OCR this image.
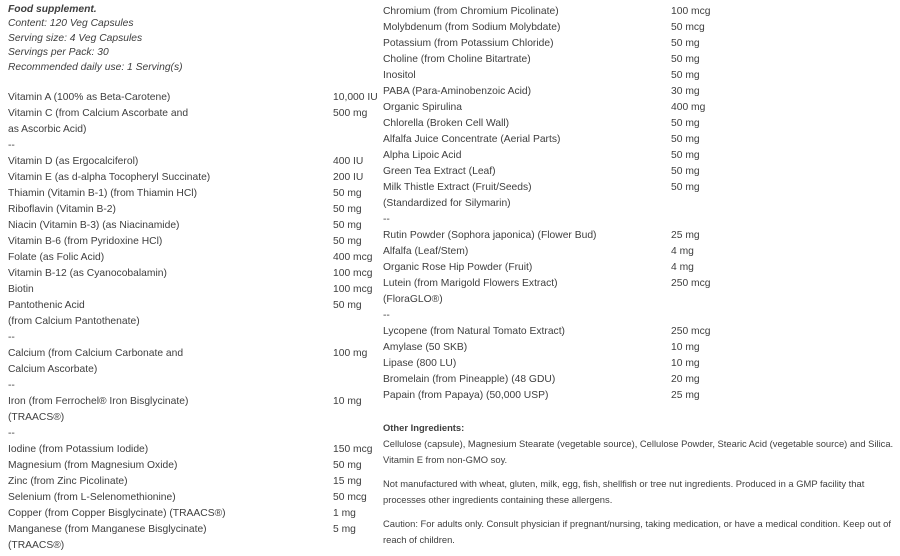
Food supplement.
Content: 120 Veg Capsules
Serving size: 4 Veg Capsules
Servings per Pack: 30
Recommended daily use: 1 Serving(s)
Vitamin A (100% as Beta-Carotene)	10,000 IU
Vitamin C (from Calcium Ascorbate and	500 mg
as Ascorbic Acid)
--
Vitamin D (as Ergocalciferol)	400 IU
Vitamin E (as d-alpha Tocopheryl Succinate)	200 IU
Thiamin (Vitamin B-1) (from Thiamin HCl)	50 mg
Riboflavin (Vitamin B-2)	50 mg
Niacin (Vitamin B-3) (as Niacinamide)	50 mg
Vitamin B-6 (from Pyridoxine HCl)	50 mg
Folate (as Folic Acid)	400 mcg
Vitamin B-12 (as Cyanocobalamin)	100 mcg
Biotin	100 mcg
Pantothenic Acid	50 mg
(from Calcium Pantothenate)
--
Calcium (from Calcium Carbonate and	100 mg
Calcium Ascorbate)
--
Iron (from Ferrochel® Iron Bisglycinate)	10 mg
(TRAACS®)
--
Iodine (from Potassium Iodide)	150 mcg
Magnesium (from Magnesium Oxide)	50 mg
Zinc (from Zinc Picolinate)	15 mg
Selenium (from L-Selenomethionine)	50 mcg
Copper (from Copper Bisglycinate) (TRAACS®)	1 mg
Manganese (from Manganese Bisglycinate)	5 mg
(TRAACS®)
Chromium (from Chromium Picolinate)	100 mcg
Molybdenum (from Sodium Molybdate)	50 mcg
Potassium (from Potassium Chloride)	50 mg
Choline (from Choline Bitartrate)	50 mg
Inositol	50 mg
PABA (Para-Aminobenzoic Acid)	30 mg
Organic Spirulina	400 mg
Chlorella (Broken Cell Wall)	50 mg
Alfalfa Juice Concentrate (Aerial Parts)	50 mg
Alpha Lipoic Acid	50 mg
Green Tea Extract (Leaf)	50 mg
Milk Thistle Extract (Fruit/Seeds)	50 mg
(Standardized for Silymarin)
--
Rutin Powder (Sophora japonica) (Flower Bud)	25 mg
Alfalfa (Leaf/Stem)	4 mg
Organic Rose Hip Powder (Fruit)	4 mg
Lutein (from Marigold Flowers Extract)	250 mcg
(FloraGLO®)
--
Lycopene (from Natural Tomato Extract)	250 mcg
Amylase (50 SKB)	10 mg
Lipase (800 LU)	10 mg
Bromelain (from Pineapple) (48 GDU)	20 mg
Papain (from Papaya) (50,000 USP)	25 mg
Other Ingredients:
Cellulose (capsule), Magnesium Stearate (vegetable source), Cellulose Powder, Stearic Acid (vegetable source) and Silica.
Vitamin E from non-GMO soy.
Not manufactured with wheat, gluten, milk, egg, fish, shellfish or tree nut ingredients. Produced in a GMP facility that
processes other ingredients containing these allergens.
Caution: For adults only. Consult physician if pregnant/nursing, taking medication, or have a medical condition. Keep out of
reach of children.
